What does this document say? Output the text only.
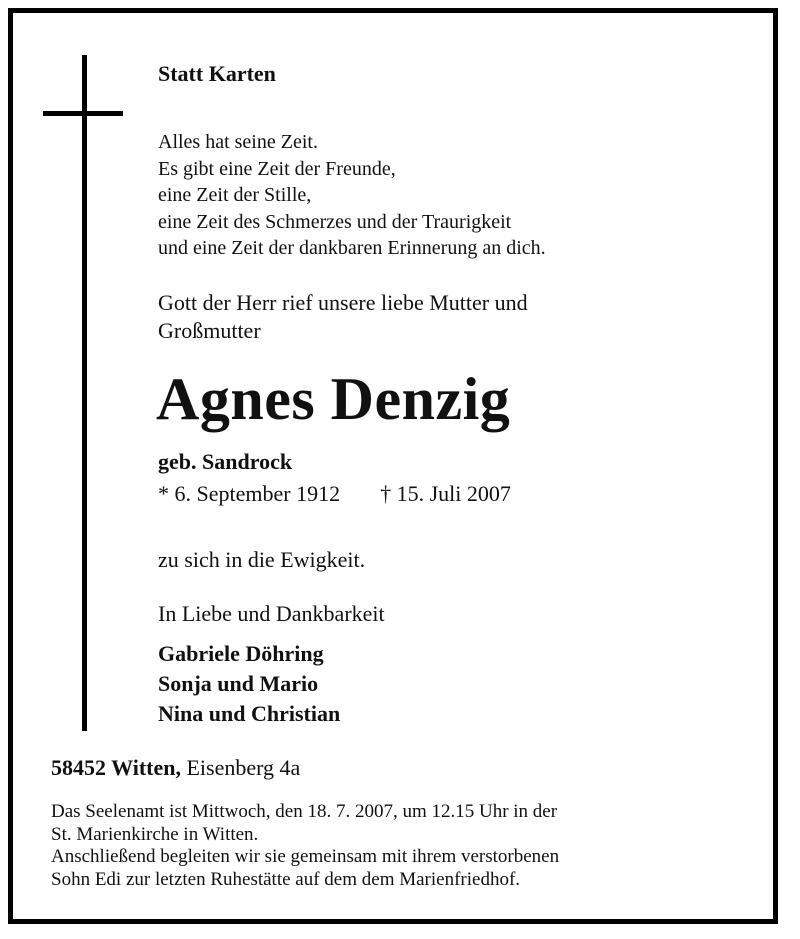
Statt Karten
Alles hat seine Zeit.
Es gibt eine Zeit der Freunde,
eine Zeit der Stille,
eine Zeit des Schmerzes und der Traurigkeit
und eine Zeit der dankbaren Erinnerung an dich.
Gott der Herr rief unsere liebe Mutter und
Großmutter
Agnes Denzig
geb. Sandrock
* 6. September 1912 † 15. Juli 2007
zu sich in die Ewigkeit.
In Liebe und Dankbarkeit
Gabriele Döhring
Sonja und Mario
Nina und Christian
58452 Witten, Eisenberg 4a
Das Seelenamt ist Mittwoch, den 18. 7. 2007, um 12.15 Uhr in der
St. Marienkirche in Witten.
Anschließend begleiten wir sie gemeinsam mit ihrem verstorbenen
Sohn Edi zur letzten Ruhestätte auf dem dem Marienfriedhof.
